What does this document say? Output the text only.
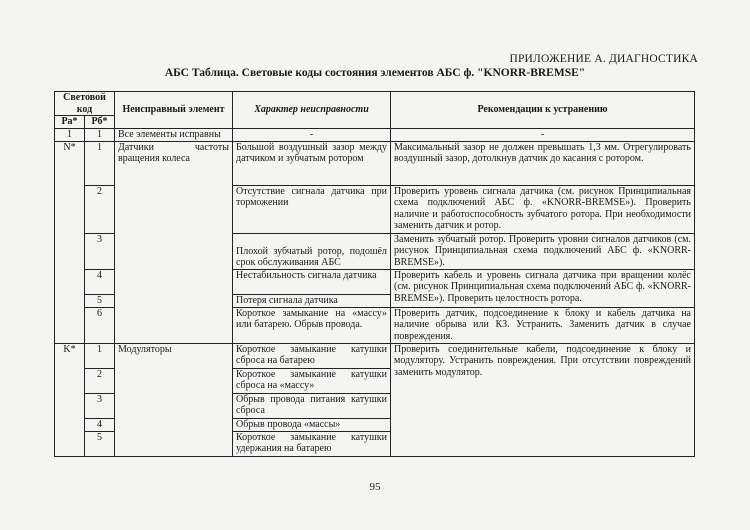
ПРИЛОЖЕНИЕ А. ДИАГНОСТИКА
АБС Таблица. Световые коды состояния элементов АБС ф. "KNORR-BREMSE"
Световой код		Неисправный элемент	Характер неисправности	Рекомендации к устранению
Ра*	Рб*			
1	1	Все элементы исправны	-	-
N*	1	Датчики частоты вращения колеса	Большой воздушный зазор между датчиком и зубчатым ротором	Максимальный зазор не должен превышать 1,3 мм. Отрегулировать воздушный зазор, дотолкнув датчик до касания с ротором.
	2		Отсутствие сигнала датчика при торможении	Проверить уровень сигнала датчика (см. рисунок Принципиальная схема подключений АБС ф. «KNORR-BREMSE»). Проверить наличие и работоспособность зубчатого ротора. При необходимости заменить датчик и ротор.
	3		Плохой зубчатый ротор, подошёл срок обслуживания АБС	Заменить зубчатый ротор. Проверить уровни сигналов датчиков (см. рисунок Принципиальная схема подключений АБС ф. «KNORR-BREMSE»).
	4		Нестабильность сигнала датчика	Проверить кабель и уровень сигнала датчика при вращении колёс (см. рисунок Принципиальная схема подключений АБС ф. «KNORR-BREMSE»). Проверить целостность ротора.
	5		Потеря сигнала датчика	
	6		Короткое замыкание на «массу» или батарею. Обрыв провода.	Проверить датчик, подсоединение к блоку и кабель датчика на наличие обрыва или КЗ. Устранить. Заменить датчик в случае повреждения.
K*	1	Модуляторы	Короткое замыкание катушки сброса на батарею	Проверить соединительные кабели, подсоединение к блоку и модулятору. Устранить повреждения. При отсутствии повреждений заменить модулятор.
	2		Короткое замыкание катушки сброса на «массу»	
	3		Обрыв провода питания катушки сброса	
	4		Обрыв провода «массы»	
	5		Короткое замыкание катушки удержания на батарею	
95
